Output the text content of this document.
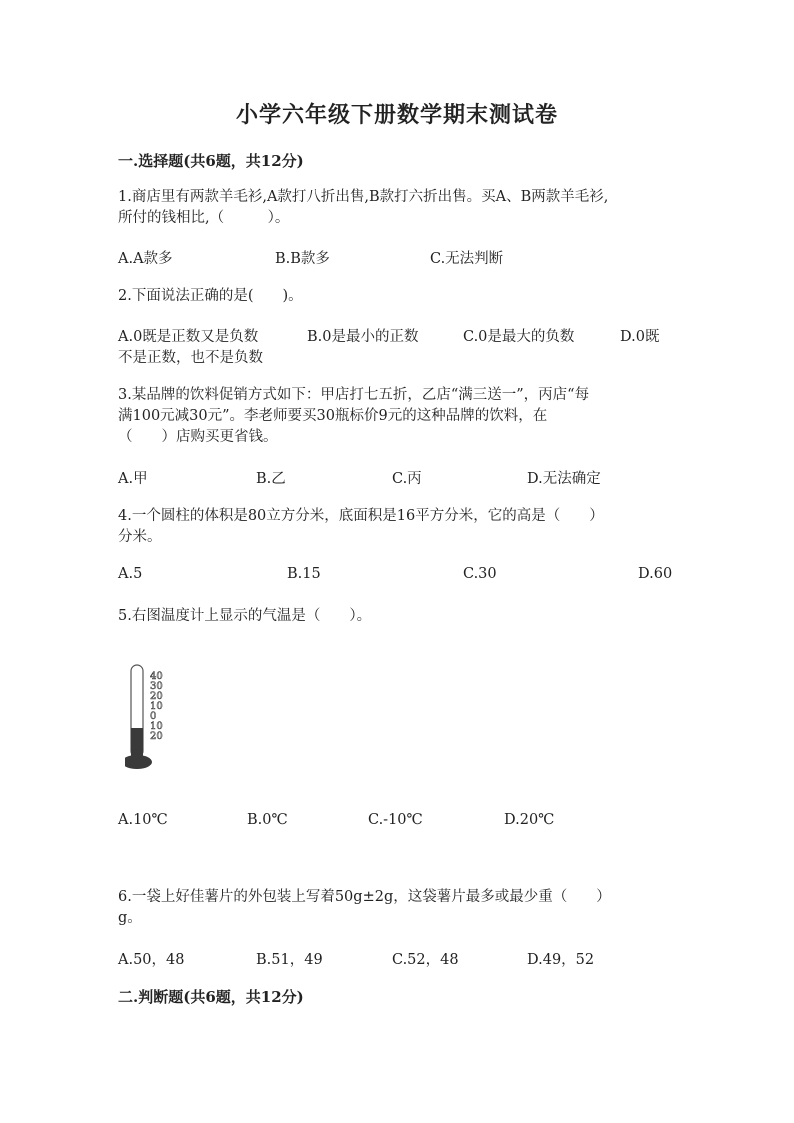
小学六年级下册数学期末测试卷
一.选择题(共6题，共12分)
1.商店里有两款羊毛衫,A款打八折出售,B款打六折出售。买A、B两款羊毛衫,
所付的钱相比,（　　　）。
A.A款多	B.B款多	C.无法判断
2.下面说法正确的是(　　)。
A.0既是正数又是负数	B.0是最小的正数	C.0是最大的负数	D.0既
不是正数，也不是负数
3.某品牌的饮料促销方式如下：甲店打七五折，乙店“满三送一”，丙店“每
满100元减30元”。李老师要买30瓶标价9元的这种品牌的饮料，在
（　　）店购买更省钱。
A.甲	B.乙	C.丙	D.无法确定
4.一个圆柱的体积是80立方分米，底面积是16平方分米，它的高是（　　）
分米。
A.5	B.15	C.30	D.60
5.右图温度计上显示的气温是（　　）。
40
30
20
10
0
10
20
A.10℃	B.0℃	C.-10℃	D.20℃
6.一袋上好佳薯片的外包装上写着50g±2g，这袋薯片最多或最少重（　　）
g。
A.50，48	B.51，49	C.52，48	D.49，52
二.判断题(共6题，共12分)
